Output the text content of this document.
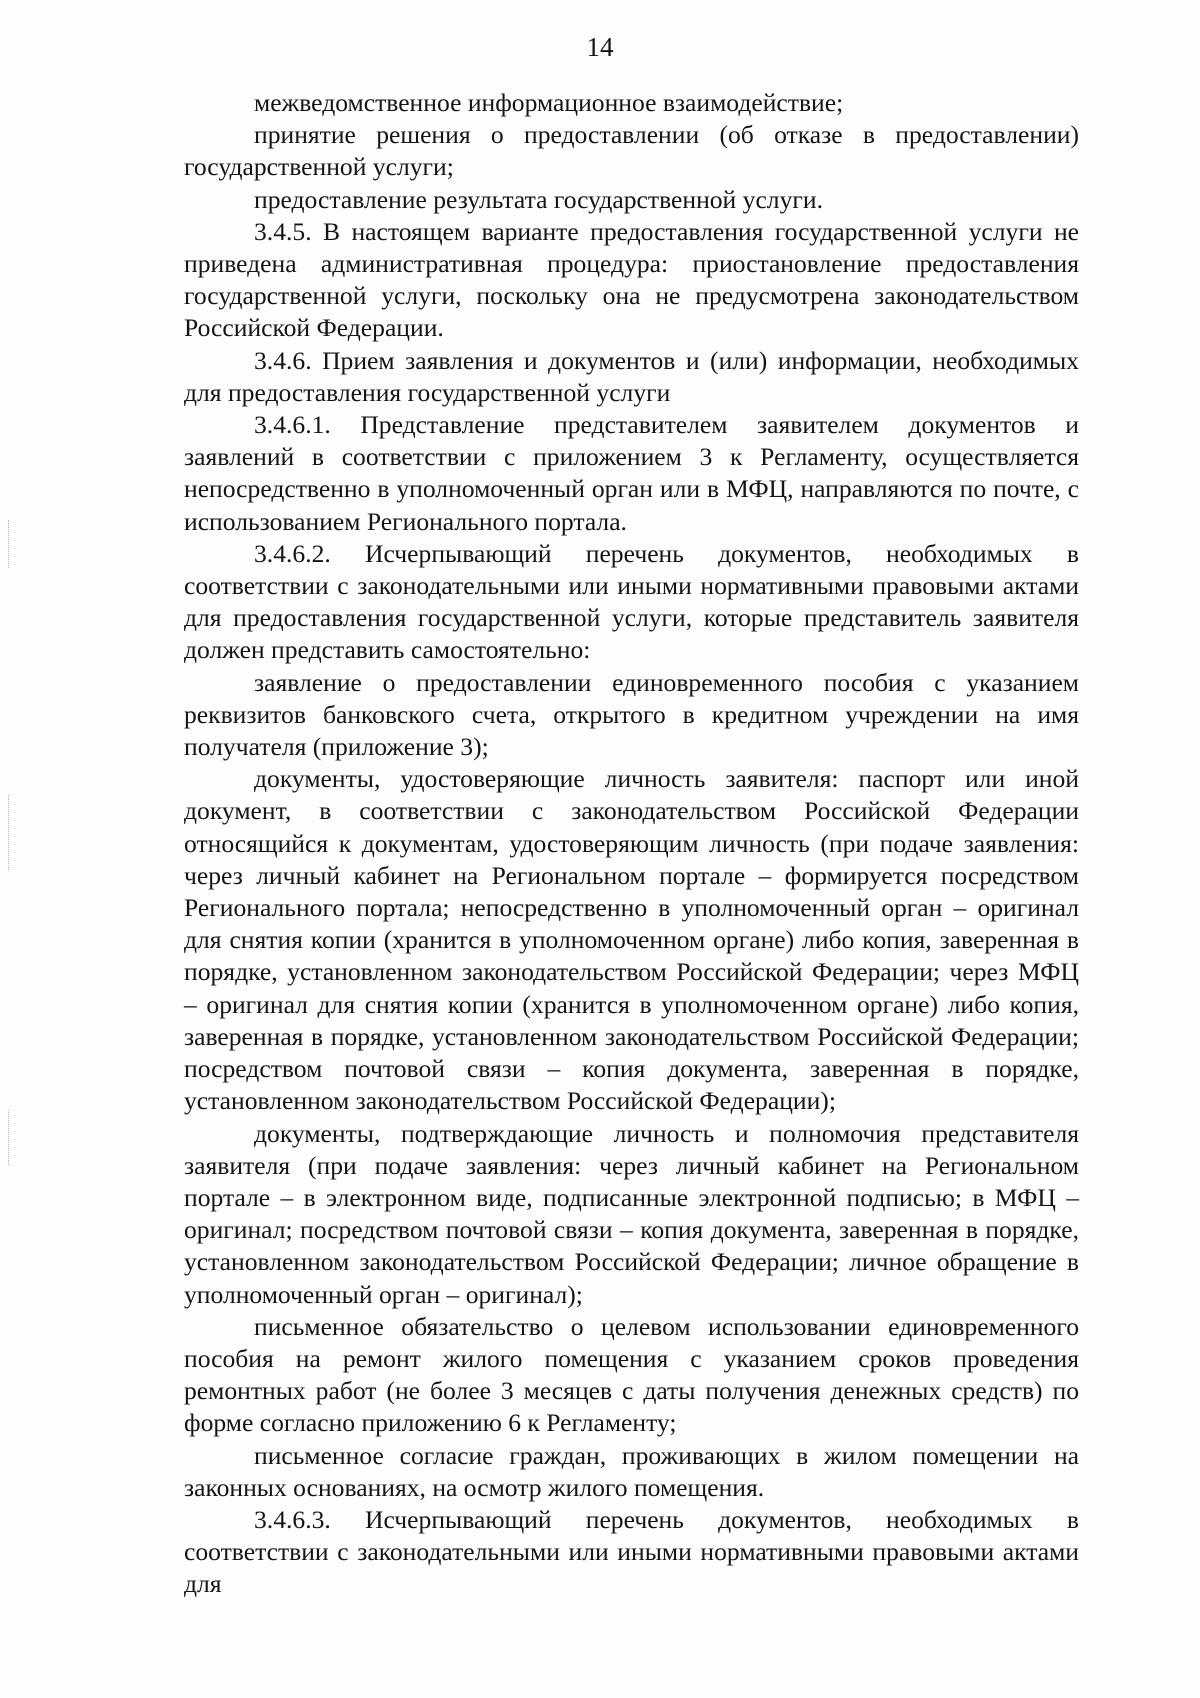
14

межведомственное информационное взаимодействие;

принятие решения о предоставлении (об отказе в предоставлении) государственной услуги;

предоставление результата государственной услуги.

3.4.5. В настоящем варианте предоставления государственной услуги не приведена административная процедура: приостановление предоставления государственной услуги, поскольку она не предусмотрена законодательством Российской Федерации.

3.4.6. Прием заявления и документов и (или) информации, необходимых для предоставления государственной услуги

3.4.6.1. Представление представителем заявителем документов и заявлений в соответствии с приложением 3 к Регламенту, осуществляется непосредственно в уполномоченный орган или в МФЦ, направляются по почте, с использованием Регионального портала.

3.4.6.2. Исчерпывающий перечень документов, необходимых в соответствии с законодательными или иными нормативными правовыми актами для предоставления государственной услуги, которые представитель заявителя должен представить самостоятельно:

заявление о предоставлении единовременного пособия с указанием реквизитов банковского счета, открытого в кредитном учреждении на имя получателя (приложение 3);

документы, удостоверяющие личность заявителя: паспорт или иной документ, в соответствии с законодательством Российской Федерации относящийся к документам, удостоверяющим личность (при подаче заявления: через личный кабинет на Региональном портале – формируется посредством Регионального портала; непосредственно в уполномоченный орган – оригинал для снятия копии (хранится в уполномоченном органе) либо копия, заверенная в порядке, установленном законодательством Российской Федерации; через МФЦ – оригинал для снятия копии (хранится в уполномоченном органе) либо копия, заверенная в порядке, установленном законодательством Российской Федерации; посредством почтовой связи – копия документа, заверенная в порядке, установленном законодательством Российской Федерации);

документы, подтверждающие личность и полномочия представителя заявителя (при подаче заявления: через личный кабинет на Региональном портале – в электронном виде, подписанные электронной подписью; в МФЦ – оригинал; посредством почтовой связи – копия документа, заверенная в порядке, установленном законодательством Российской Федерации; личное обращение в уполномоченный орган – оригинал);

письменное обязательство о целевом использовании единовременного пособия на ремонт жилого помещения с указанием сроков проведения ремонтных работ (не более 3 месяцев с даты получения денежных средств) по форме согласно приложению 6 к Регламенту;

письменное согласие граждан, проживающих в жилом помещении на законных основаниях, на осмотр жилого помещения.

3.4.6.3. Исчерпывающий перечень документов, необходимых в соответствии с законодательными или иными нормативными правовыми актами для
